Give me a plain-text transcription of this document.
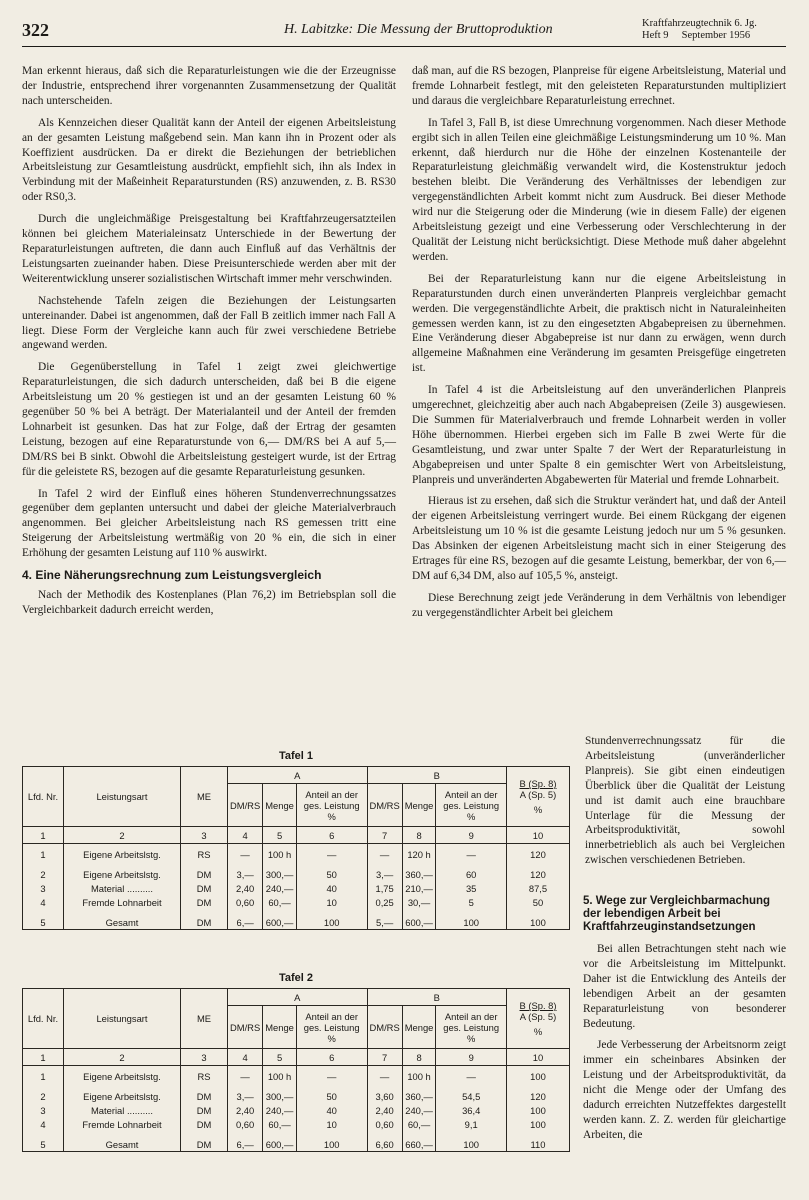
322	H. Labitzke: Die Messung der Bruttoproduktion	Kraftfahrzeugtechnik 6. Jg.
Heft 9     September 1956

Man erkennt hieraus, daß sich die Reparaturleistungen wie die der Erzeugnisse der Industrie, entsprechend ihrer vorgenannten Zusammensetzung der Qualität nach unterscheiden.

Als Kennzeichen dieser Qualität kann der Anteil der eigenen Arbeitsleistung an der gesamten Leistung maßgebend sein. Man kann ihn in Prozent oder als Koeffizient ausdrücken. Da er direkt die Beziehungen der betrieblichen Arbeitsleistung zur Gesamtleistung ausdrückt, empfiehlt sich, ihn als Index in Verbindung mit der Maßeinheit Reparaturstunden (RS) anzuwenden, z. B. RS30 oder RS0,3.

Durch die ungleichmäßige Preisgestaltung bei Kraftfahrzeugersatzteilen können bei gleichem Materialeinsatz Unterschiede in der Bewertung der Reparaturleistungen auftreten, die dann auch Einfluß auf das Verhältnis der Leistungsarten zueinander haben. Diese Preisunterschiede werden aber mit der Weiterentwicklung unserer sozialistischen Wirtschaft immer mehr verschwinden.

Nachstehende Tafeln zeigen die Beziehungen der Leistungsarten untereinander. Dabei ist angenommen, daß der Fall B zeitlich immer nach Fall A liegt. Diese Form der Vergleiche kann auch für zwei verschiedene Betriebe angewand werden.

Die Gegenüberstellung in Tafel 1 zeigt zwei gleichwertige Reparaturleistungen, die sich dadurch unterscheiden, daß bei B die eigene Arbeitsleistung um 20 % gestiegen ist und an der gesamten Leistung 60 % gegenüber 50 % bei A beträgt. Der Materialanteil und der Anteil der fremden Lohnarbeit ist gesunken. Das hat zur Folge, daß der Ertrag der gesamten Leistung, bezogen auf eine Reparaturstunde von 6,— DM/RS bei A auf 5,— DM/RS bei B sinkt. Obwohl die Arbeitsleistung gesteigert wurde, ist der Ertrag für die geleistete RS, bezogen auf die gesamte Reparaturleistung gesunken.

In Tafel 2 wird der Einfluß eines höheren Stundenverrechnungssatzes gegenüber dem geplanten untersucht und dabei der gleiche Materialverbrauch angenommen. Bei gleicher Arbeitsleistung nach RS gemessen tritt eine Steigerung der Arbeitsleistung wertmäßig von 20 % ein, die sich in einer Erhöhung der gesamten Leistung auf 110 % auswirkt.

4. Eine Näherungsrechnung zum Leistungsvergleich

Nach der Methodik des Kostenplanes (Plan 76,2) im Betriebsplan soll die Vergleichbarkeit dadurch erreicht werden,

daß man, auf die RS bezogen, Planpreise für eigene Arbeitsleistung, Material und fremde Lohnarbeit festlegt, mit den geleisteten Reparaturstunden multipliziert und daraus die vergleichbare Reparaturleistung errechnet.

In Tafel 3, Fall B, ist diese Umrechnung vorgenommen. Nach dieser Methode ergibt sich in allen Teilen eine gleichmäßige Leistungsminderung um 10 %. Man erkennt, daß hierdurch nur die Höhe der einzelnen Kostenanteile der Reparaturleistung gleichmäßig verwandelt wird, die Kostenstruktur jedoch bestehen bleibt. Die Veränderung des Verhältnisses der lebendigen zur vergegenständlichten Arbeit kommt nicht zum Ausdruck. Bei dieser Methode wird nur die Steigerung oder die Minderung (wie in diesem Falle) der eigenen Arbeitsleistung gezeigt und eine Verbesserung oder Verschlechterung in der Qualität der Leistung nicht berücksichtigt. Diese Methode muß daher abgelehnt werden.

Bei der Reparaturleistung kann nur die eigene Arbeitsleistung in Reparaturstunden durch einen unveränderten Planpreis vergleichbar gemacht werden. Die vergegenständlichte Arbeit, die praktisch nicht in Naturaleinheiten gemessen werden kann, ist zu den eingesetzten Abgabepreisen zu übernehmen. Eine Veränderung dieser Abgabepreise ist nur dann zu erwägen, wenn durch allgemeine Maßnahmen eine Veränderung im gesamten Preisgefüge eingetreten ist.

In Tafel 4 ist die Arbeitsleistung auf den unveränderlichen Planpreis umgerechnet, gleichzeitig aber auch nach Abgabepreisen (Zeile 3) ausgewiesen. Die Summen für Materialverbrauch und fremde Lohnarbeit werden in voller Höhe übernommen. Hierbei ergeben sich im Falle B zwei Werte für die Gesamtleistung, und zwar unter Spalte 7 der Wert der Reparaturleistung in Abgabepreisen und unter Spalte 8 ein gemischter Wert von Arbeitsleistung, Planpreis und unveränderten Abgabewerten für Material und fremde Lohnarbeit.

Hieraus ist zu ersehen, daß sich die Struktur verändert hat, und daß der Anteil der eigenen Arbeitsleistung verringert wurde. Bei einem Rückgang der eigenen Arbeitsleistung um 10 % ist die gesamte Leistung jedoch nur um 5 % gesunken. Das Absinken der eigenen Arbeitsleistung macht sich in einer Steigerung des Ertrages für eine RS, bezogen auf die gesamte Leistung, bemerkbar, der von 6,— DM auf 6,34 DM, also auf 105,5 %, ansteigt.

Diese Berechnung zeigt jede Veränderung in dem Verhältnis von lebendiger zu vergegenständlichter Arbeit bei gleichem

Stundenverrechnungssatz für die Arbeitsleistung (unveränderlicher Planpreis). Sie gibt einen eindeutigen Überblick über die Qualität der Leistung und ist damit auch eine brauchbare Unterlage für die Messung der Arbeitsproduktivität, sowohl innerbetrieblich als auch bei Vergleichen zwischen verschiedenen Betrieben.

5. Wege zur Vergleichbarmachung der lebendigen Arbeit bei Kraftfahrzeuginstandsetzungen

Bei allen Betrachtungen steht nach wie vor die Arbeitsleistung im Mittelpunkt. Daher ist die Entwicklung des Anteils der lebendigen Arbeit an der gesamten Reparaturleistung von besonderer Bedeutung.

Jede Verbesserung der Arbeitsnorm zeigt immer ein scheinbares Absinken der Leistung und der Arbeitsproduktivität, da nicht die Menge oder der Umfang des dadurch erreichten Nutzeffektes dargestellt werden kann. Z. Z. werden für gleichartige Arbeiten, die

Tafel 1
Lfd. Nr.	Leistungsart	ME	A			B			B (Sp. 8)
A (Sp. 5)
%

			DM/RS	Menge	Anteil an der ges. Leistung %	DM/RS	Menge	Anteil an der ges. Leistung %	
1	2	3	4	5	6	7	8	9	10
1	Eigene Arbeitslstg.	RS	—	100 h	—	—	120 h	—	120
2	Eigene Arbeitslstg.	DM	3,—	300,—	50	3,—	360,—	60	120
3	Material ..........	DM	2,40	240,—	40	1,75	210,—	35	87,5
4	Fremde Lohnarbeit	DM	0,60	60,—	10	0,25	30,—	5	50
5	Gesamt	DM	6,—	600,—	100	5,—	600,—	100	100
Tafel 2
Lfd. Nr.	Leistungsart	ME	A			B			B (Sp. 8)
A (Sp. 5)
%

			DM/RS	Menge	Anteil an der ges. Leistung %	DM/RS	Menge	Anteil an der ges. Leistung %	
1	2	3	4	5	6	7	8	9	10
1	Eigene Arbeitslstg.	RS	—	100 h	—	—	100 h	—	100
2	Eigene Arbeitslstg.	DM	3,—	300,—	50	3,60	360,—	54,5	120
3	Material ..........	DM	2,40	240,—	40	2,40	240,—	36,4	100
4	Fremde Lohnarbeit	DM	0,60	60,—	10	0,60	60,—	9,1	100
5	Gesamt	DM	6,—	600,—	100	6,60	660,—	100	110
